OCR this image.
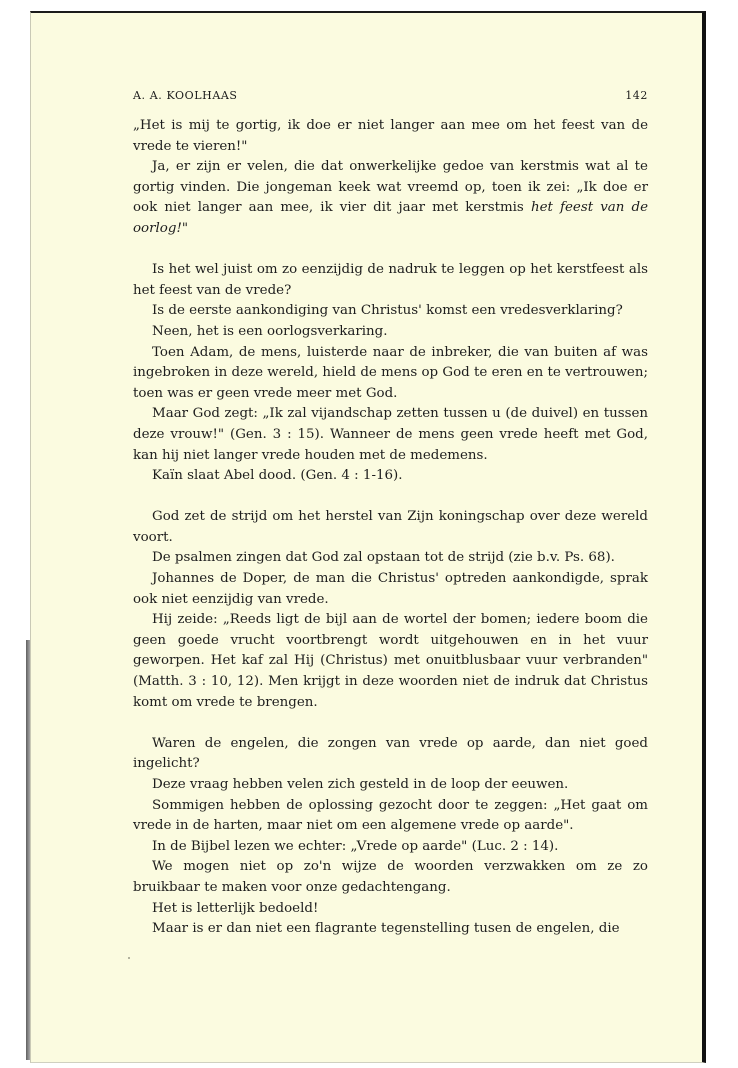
A. A. KOOLHAAS	142

„Het is mij te gortig, ik doe er niet langer aan mee om het feest van de vrede te vieren!"

Ja, er zijn er velen, die dat onwerkelijke gedoe van kerstmis wat al te gortig vinden. Die jongeman keek wat vreemd op, toen ik zei: „Ik doe er ook niet langer aan mee, ik vier dit jaar met kerstmis het feest van de oorlog!"

Is het wel juist om zo eenzijdig de nadruk te leggen op het kerstfeest als het feest van de vrede?

Is de eerste aankondiging van Christus' komst een vredesverklaring?

Neen, het is een oorlogsverkaring.

Toen Adam, de mens, luisterde naar de inbreker, die van buiten af was ingebroken in deze wereld, hield de mens op God te eren en te vertrouwen; toen was er geen vrede meer met God.

Maar God zegt: „Ik zal vijandschap zetten tussen u (de duivel) en tussen deze vrouw!" (Gen. 3 : 15). Wanneer de mens geen vrede heeft met God, kan hij niet langer vrede houden met de medemens.

Kaïn slaat Abel dood. (Gen. 4 : 1-16).

God zet de strijd om het herstel van Zijn koningschap over deze wereld voort.

De psalmen zingen dat God zal opstaan tot de strijd (zie b.v. Ps. 68).

Johannes de Doper, de man die Christus' optreden aankondigde, sprak ook niet eenzijdig van vrede.

Hij zeide: „Reeds ligt de bijl aan de wortel der bomen; iedere boom die geen goede vrucht voortbrengt wordt uitgehouwen en in het vuur geworpen. Het kaf zal Hij (Christus) met onuitblusbaar vuur verbranden" (Matth. 3 : 10, 12). Men krijgt in deze woorden niet de indruk dat Christus komt om vrede te brengen.

Waren de engelen, die zongen van vrede op aarde, dan niet goed ingelicht?

Deze vraag hebben velen zich gesteld in de loop der eeuwen.

Sommigen hebben de oplossing gezocht door te zeggen: „Het gaat om vrede in de harten, maar niet om een algemene vrede op aarde".

In de Bijbel lezen we echter: „Vrede op aarde" (Luc. 2 : 14).

We mogen niet op zo'n wijze de woorden verzwakken om ze zo bruikbaar te maken voor onze gedachtengang.

Het is letterlijk bedoeld!

Maar is er dan niet een flagrante tegenstelling tusen de engelen, die
